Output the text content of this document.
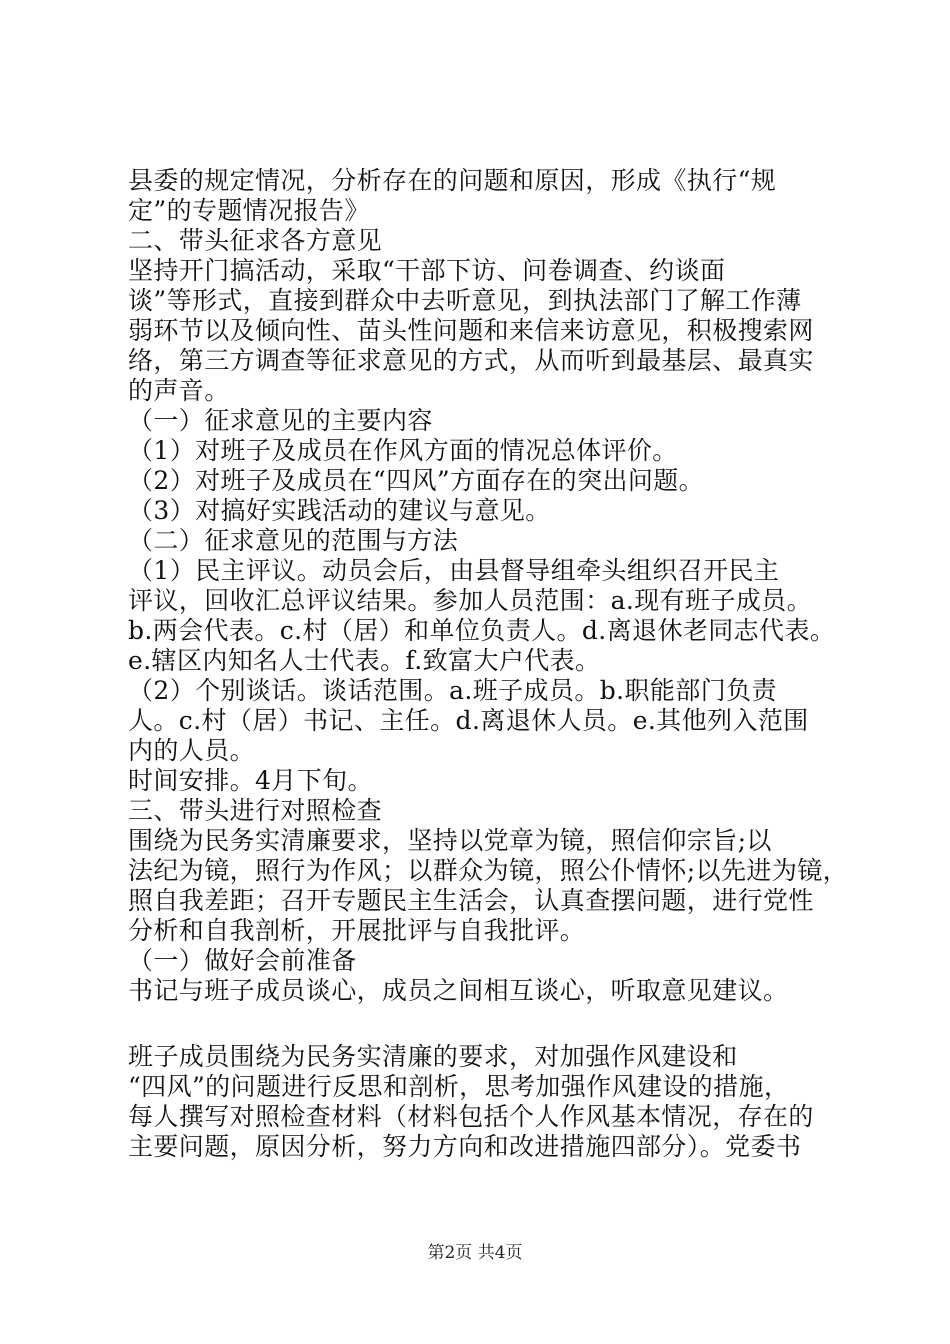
县委的规定情况，分析存在的问题和原因，形成《执行“规
定”的专题情况报告》
二、带头征求各方意见
坚持开门搞活动，采取“干部下访、问卷调查、约谈面
谈”等形式，直接到群众中去听意见，到执法部门了解工作薄
弱环节以及倾向性、苗头性问题和来信来访意见，积极搜索网
络，第三方调查等征求意见的方式，从而听到最基层、最真实
的声音。
（一）征求意见的主要内容
（1）对班子及成员在作风方面的情况总体评价。
（2）对班子及成员在“四风”方面存在的突出问题。
（3）对搞好实践活动的建议与意见。
（二）征求意见的范围与方法
（1）民主评议。动员会后，由县督导组牵头组织召开民主
评议，回收汇总评议结果。参加人员范围：a.现有班子成员。
b.两会代表。c.村（居）和单位负责人。d.离退休老同志代表。
e.辖区内知名人士代表。f.致富大户代表。
（2）个别谈话。谈话范围。a.班子成员。b.职能部门负责
人。c.村（居）书记、主任。d.离退休人员。e.其他列入范围
内的人员。
时间安排。4月下旬。
三、带头进行对照检查
围绕为民务实清廉要求，坚持以党章为镜，照信仰宗旨;以
法纪为镜，照行为作风；以群众为镜，照公仆情怀;以先进为镜，
照自我差距；召开专题民主生活会，认真查摆问题，进行党性
分析和自我剖析，开展批评与自我批评。
（一）做好会前准备
书记与班子成员谈心，成员之间相互谈心，听取意见建议。
班子成员围绕为民务实清廉的要求，对加强作风建设和
“四风”的问题进行反思和剖析，思考加强作风建设的措施，
每人撰写对照检查材料（材料包括个人作风基本情况，存在的
主要问题，原因分析，努力方向和改进措施四部分）。党委书
第2页 共4页
